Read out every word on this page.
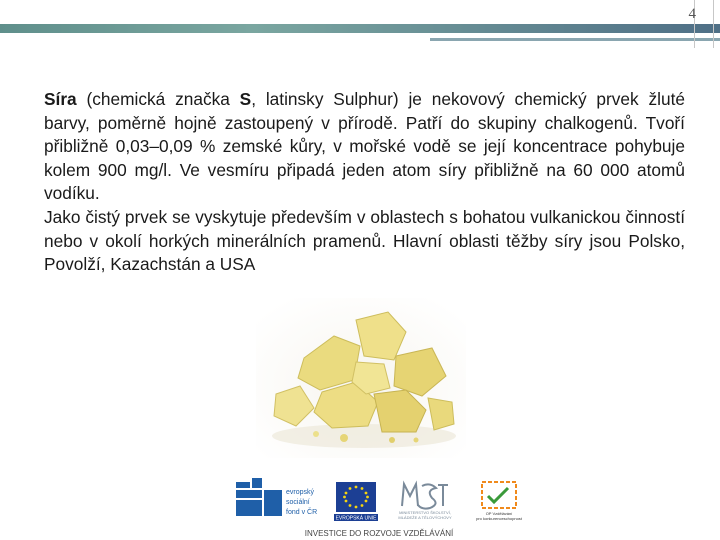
4

Síra (chemická značka S, latinsky Sulphur) je nekovový chemický prvek žluté barvy, poměrně hojně zastoupený v přírodě. Patří do skupiny chalkogenů. Tvoří přibližně 0,03–0,09 % zemské kůry, v mořské vodě se její koncentrace pohybuje kolem 900 mg/l. Ve vesmíru připadá jeden atom síry přibližně na 60 000 atomů vodíku.

Jako čistý prvek se vyskytuje především v oblastech s bohatou vulkanickou činností nebo v okolí horkých minerálních pramenů. Hlavní oblasti těžby síry jsou Polsko, Povolží, Kazachstán a USA

evropský
sociální
fond v ČR
EVROPSKÁ UNIE
MINISTERSTVO ŠKOLSTVÍ,
MLÁDEŽE A TĚLOVÝCHOVY
OP Vzdělávání
pro konkurenceschopnost
INVESTICE DO ROZVOJE VZDĚLÁVÁNÍ
